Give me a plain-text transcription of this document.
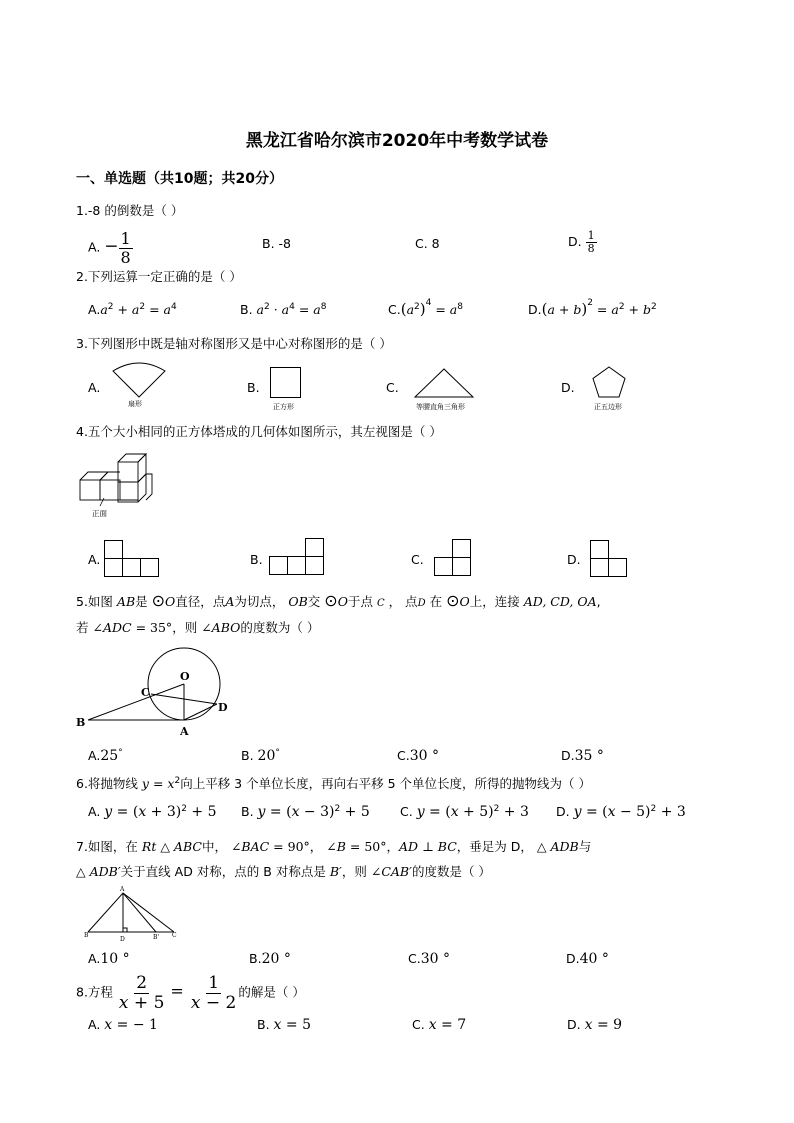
黑龙江省哈尔滨市2020年中考数学试卷
一、单选题（共10题；共20分）
1.-8 的倒数是（ ）
A. − $\frac{1}{8}$	B. -8	C. 8	D. $\frac{1}{8}$
2.下列运算一定正确的是（ ）
$A.a^2 + a^2 = a^4$	B. $a^2 \cdot a^4 = a^8$	$C.(a^2)^4 = a^8$	$D.(a + b)^2 = a^2 + b^2$
3.下列图形中既是轴对称图形又是中心对称图形的是（ ）
A.
扇形
B.
正方形
C.
等腰直角三角形
D.
正五边形
4.五个大小相同的正方体塔成的几何体如图所示，其左视图是（ ）
正面
A.	B.	C.	D.
5.如图 AB是 ⊙O直径，点A为切点， OB交 ⊙O于点 C ， 点D 在 ⊙O上，连接 AD, CD, OA,
若 ∠ADC = 35°，则 ∠ABO的度数为（ ）
O
C
B
A
D
A.25°	B. 20°	C.30 °	D.35 °
6.将抛物线 $y = x^2$向上平移 3 个单位长度，再向右平移 5 个单位长度，所得的抛物线为（ ）
A. $y = (x + 3)^2 + 5$ B. $y = (x - 3)^2 + 5$ C. $y = (x + 5)^2 + 3$ D. $y = (x - 5)^2 + 3$
7.如图，在 Rt △ ABC中， ∠BAC = 90°， ∠B = 50°，AD ⊥ BC，垂足为 D， △ ADB与
△ ADB′关于直线 AD 对称，点的 B 对称点是 B′，则 ∠CAB′的度数是（ ）
A
B
D	B' C
A.10 °	B.20 °	C.30 °	D.40 °
8.方程 $\frac{2}{x + 5} = \frac{1}{x - 2}$ 的解是（ ）
A. x = − 1	B. x = 5	C. x = 7	D. x = 9
